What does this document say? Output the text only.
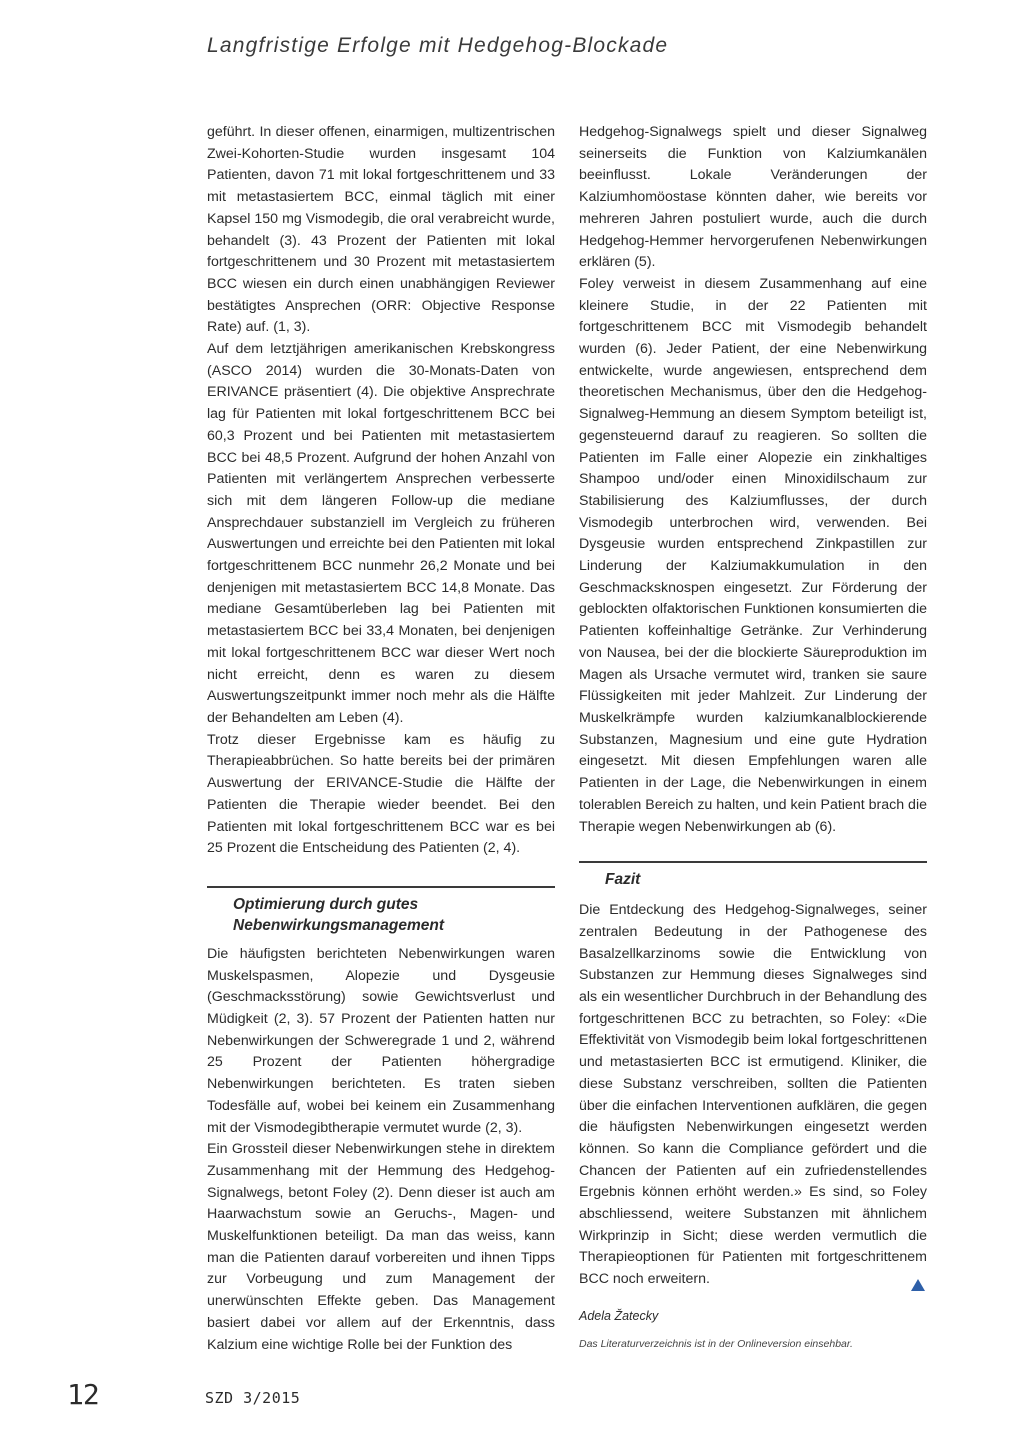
Langfristige Erfolge mit Hedgehog-Blockade

geführt. In dieser offenen, einarmigen, multizentrischen Zwei-Kohorten-Studie wurden insgesamt 104 Patienten, davon 71 mit lokal fortgeschrittenem und 33 mit metastasiertem BCC, einmal täglich mit einer Kapsel 150 mg Vismodegib, die oral verabreicht wurde, behandelt (3). 43 Prozent der Patienten mit lokal fortgeschrittenem und 30 Prozent mit metastasiertem BCC wiesen ein durch einen unabhängigen Reviewer bestätigtes Ansprechen (ORR: Objective Response Rate) auf. (1, 3).

Auf dem letztjährigen amerikanischen Krebskongress (ASCO 2014) wurden die 30-Monats-Daten von ERIVANCE präsentiert (4). Die objektive Ansprechrate lag für Patienten mit lokal fortgeschrittenem BCC bei 60,3 Prozent und bei Patienten mit metastasiertem BCC bei 48,5 Prozent. Aufgrund der hohen Anzahl von Patienten mit verlängertem Ansprechen verbesserte sich mit dem längeren Follow-up die mediane Ansprechdauer substanziell im Vergleich zu früheren Auswertungen und erreichte bei den Patienten mit lokal fortgeschrittenem BCC nunmehr 26,2 Monate und bei denjenigen mit metastasiertem BCC 14,8 Monate. Das mediane Gesamtüberleben lag bei Patienten mit metastasiertem BCC bei 33,4 Monaten, bei denjenigen mit lokal fortgeschrittenem BCC war dieser Wert noch nicht erreicht, denn es waren zu diesem Auswertungszeitpunkt immer noch mehr als die Hälfte der Behandelten am Leben (4).

Trotz dieser Ergebnisse kam es häufig zu Therapieabbrüchen. So hatte bereits bei der primären Auswertung der ERIVANCE-Studie die Hälfte der Patienten die Therapie wieder beendet. Bei den Patienten mit lokal fortgeschrittenem BCC war es bei 25 Prozent die Entscheidung des Patienten (2, 4).

Optimierung durch gutes Nebenwirkungsmanagement

Die häufigsten berichteten Nebenwirkungen waren Muskelspasmen, Alopezie und Dysgeusie (Geschmacksstörung) sowie Gewichtsverlust und Müdigkeit (2, 3). 57 Prozent der Patienten hatten nur Nebenwirkungen der Schweregrade 1 und 2, während 25 Prozent der Patienten höhergradige Nebenwirkungen berichteten. Es traten sieben Todesfälle auf, wobei bei keinem ein Zusammenhang mit der Vismodegibtherapie vermutet wurde (2, 3).

Ein Grossteil dieser Nebenwirkungen stehe in direktem Zusammenhang mit der Hemmung des Hedgehog-Signalwegs, betont Foley (2). Denn dieser ist auch am Haarwachstum sowie an Geruchs-, Magen- und Muskelfunktionen beteiligt. Da man das weiss, kann man die Patienten darauf vorbereiten und ihnen Tipps zur Vorbeugung und zum Management der unerwünschten Effekte geben. Das Management basiert dabei vor allem auf der Erkenntnis, dass Kalzium eine wichtige Rolle bei der Funktion des

Hedgehog-Signalwegs spielt und dieser Signalweg seinerseits die Funktion von Kalziumkanälen beeinflusst. Lokale Veränderungen der Kalziumhomöostase könnten daher, wie bereits vor mehreren Jahren postuliert wurde, auch die durch Hedgehog-Hemmer hervorgerufenen Nebenwirkungen erklären (5).

Foley verweist in diesem Zusammenhang auf eine kleinere Studie, in der 22 Patienten mit fortgeschrittenem BCC mit Vismodegib behandelt wurden (6). Jeder Patient, der eine Nebenwirkung entwickelte, wurde angewiesen, entsprechend dem theoretischen Mechanismus, über den die Hedgehog-Signalweg-Hemmung an diesem Symptom beteiligt ist, gegensteuernd darauf zu reagieren. So sollten die Patienten im Falle einer Alopezie ein zinkhaltiges Shampoo und/oder einen Minoxidilschaum zur Stabilisierung des Kalziumflusses, der durch Vismodegib unterbrochen wird, verwenden. Bei Dysgeusie wurden entsprechend Zinkpastillen zur Linderung der Kalziumakkumulation in den Geschmacksknospen eingesetzt. Zur Förderung der geblockten olfaktorischen Funktionen konsumierten die Patienten koffeinhaltige Getränke. Zur Verhinderung von Nausea, bei der die blockierte Säureproduktion im Magen als Ursache vermutet wird, tranken sie saure Flüssigkeiten mit jeder Mahlzeit. Zur Linderung der Muskelkrämpfe wurden kalziumkanalblockierende Substanzen, Magnesium und eine gute Hydration eingesetzt. Mit diesen Empfehlungen waren alle Patienten in der Lage, die Nebenwirkungen in einem tolerablen Bereich zu halten, und kein Patient brach die Therapie wegen Nebenwirkungen ab (6).

Fazit

Die Entdeckung des Hedgehog-Signalweges, seiner zentralen Bedeutung in der Pathogenese des Basalzellkarzinoms sowie die Entwicklung von Substanzen zur Hemmung dieses Signalweges sind als ein wesentlicher Durchbruch in der Behandlung des fortgeschrittenen BCC zu betrachten, so Foley: «Die Effektivität von Vismodegib beim lokal fortgeschrittenen und metastasierten BCC ist ermutigend. Kliniker, die diese Substanz verschreiben, sollten die Patienten über die einfachen Interventionen aufklären, die gegen die häufigsten Nebenwirkungen eingesetzt werden können. So kann die Compliance gefördert und die Chancen der Patienten auf ein zufriedenstellendes Ergebnis können erhöht werden.» Es sind, so Foley abschliessend, weitere Substanzen mit ähnlichem Wirkprinzip in Sicht; diese werden vermutlich die Therapieoptionen für Patienten mit fortgeschrittenem BCC noch erweitern.

Adela Žatecky
Das Literaturverzeichnis ist in der Onlineversion einsehbar.
12	SZD 3/2015
